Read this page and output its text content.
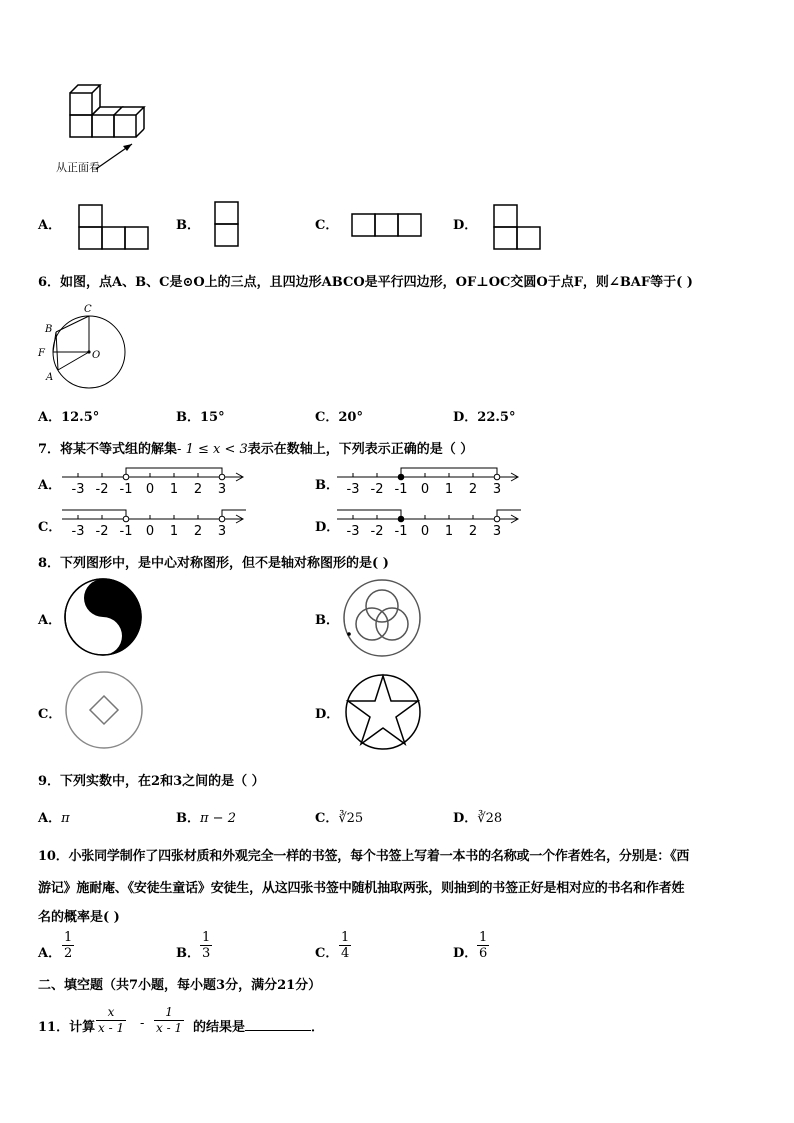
从正面看
A．	B．	C．	D．
6．如图，点A、B、C是⊙O上的三点，且四边形ABCO是平行四边形，OF⊥OC交圆O于点F，则∠BAF等于( )
C
B
F	O
A
A．12.5°	B．15°	C．20°	D．22.5°
7．将某不等式组的解集- 1 ≤ x < 3表示在数轴上，下列表示正确的是（ ）
A． -3 -2 -1 0 1 2 3	B． -3 -2 -1 0 1 2 3
C． -3 -2 -1 0 1 2 3	D． -3 -2 -1 0 1 2 3
8．下列图形中，是中心对称图形，但不是轴对称图形的是( )
A．	B．
C．	D．
9．下列实数中，在2和3之间的是（ ）
A．π	B．π − 2	C．∛25	D．∛28
10．小张同学制作了四张材质和外观完全一样的书签，每个书签上写着一本书的名称或一个作者姓名，分别是：《西
游记》施耐庵、《安徒生童话》安徒生，从这四张书签中随机抽取两张，则抽到的书签正好是相对应的书名和作者姓
名的概率是( )
A． $\frac{1}{2}$	B． $\frac{1}{3}$	C． $\frac{1}{4}$	D． $\frac{1}{6}$
二、填空题（共7小题，每小题3分，满分21分）
11．计算 $\frac{x}{x - 1} - \frac{1}{x - 1}$ 的结果是	．
